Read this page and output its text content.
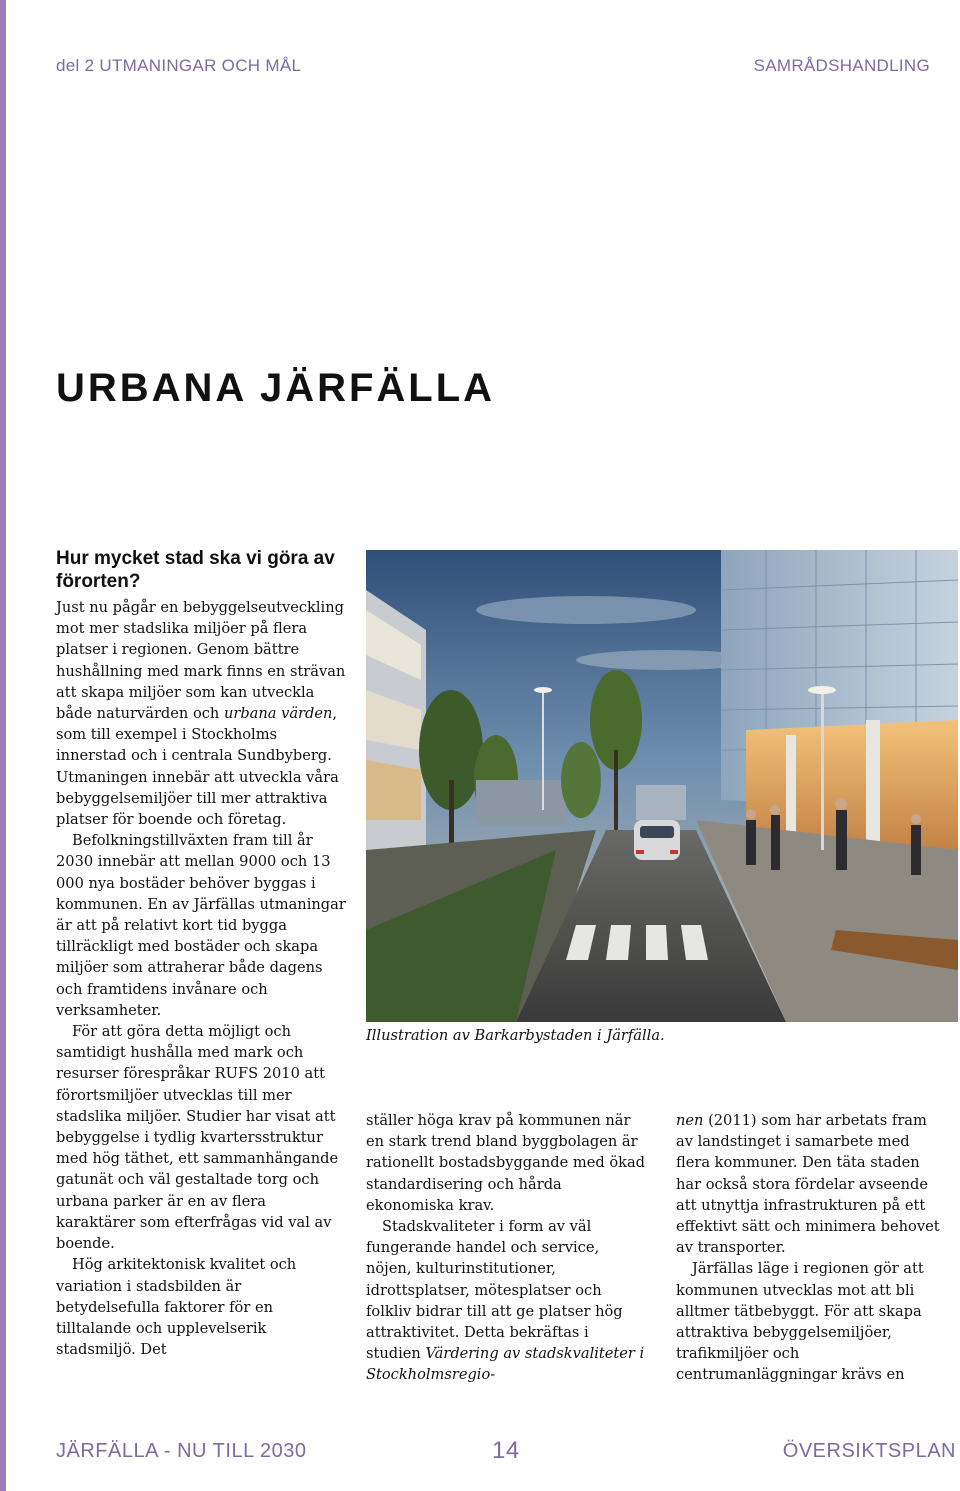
del 2 UTMANINGAR OCH MÅL	SAMRÅDSHANDLING
URBANA JÄRFÄLLA
Hur mycket stad ska vi göra av förorten?

Just nu pågår en bebyggelseutveckling mot mer stadslika miljöer på flera platser i regionen. Genom bättre hushållning med mark finns en strävan att skapa miljöer som kan utveckla både naturvärden och urbana värden, som till exempel i Stockholms innerstad och i centrala Sundbyberg. Utmaningen innebär att utveckla våra bebyggelsemiljöer till mer attraktiva platser för boende och företag.

Befolkningstillväxten fram till år 2030 innebär att mellan 9000 och 13 000 nya bostäder behöver byggas i kommunen. En av Järfällas utmaningar är att på relativt kort tid bygga tillräckligt med bostäder och skapa miljöer som attraherar både dagens och framtidens invånare och verksamheter.

För att göra detta möjligt och samtidigt hushålla med mark och resurser förespråkar RUFS 2010 att förortsmiljöer utvecklas till mer stadslika miljöer. Studier har visat att bebyggelse i tydlig kvartersstruktur med hög täthet, ett sammanhängande gatunät och väl gestaltade torg och urbana parker är en av flera karaktärer som efterfrågas vid val av boende.

Hög arkitektonisk kvalitet och variation i stadsbilden är betydelsefulla faktorer för en tilltalande och upplevelserik stadsmiljö. Det

Illustration av Barkarbystaden i Järfälla.

ställer höga krav på kommunen när en stark trend bland byggbolagen är rationellt bostadsbyggande med ökad standardisering och hårda ekonomiska krav.

Stadskvaliteter i form av väl fungerande handel och service, nöjen, kulturinstitutioner, idrottsplatser, mötesplatser och folkliv bidrar till att ge platser hög attraktivitet. Detta bekräftas i studien Värdering av stadskvaliteter i Stockholmsregio-

nen (2011) som har arbetats fram av landstinget i samarbete med flera kommuner. Den täta staden har också stora fördelar avseende att utnyttja infrastrukturen på ett effektivt sätt och minimera behovet av transporter.

Järfällas läge i regionen gör att kommunen utvecklas mot att bli alltmer tätbebyggt. För att skapa attraktiva bebyggelsemiljöer, trafikmiljöer och centrumanläggningar krävs en

JÄRFÄLLA - NU TILL 2030	14	ÖVERSIKTSPLAN
